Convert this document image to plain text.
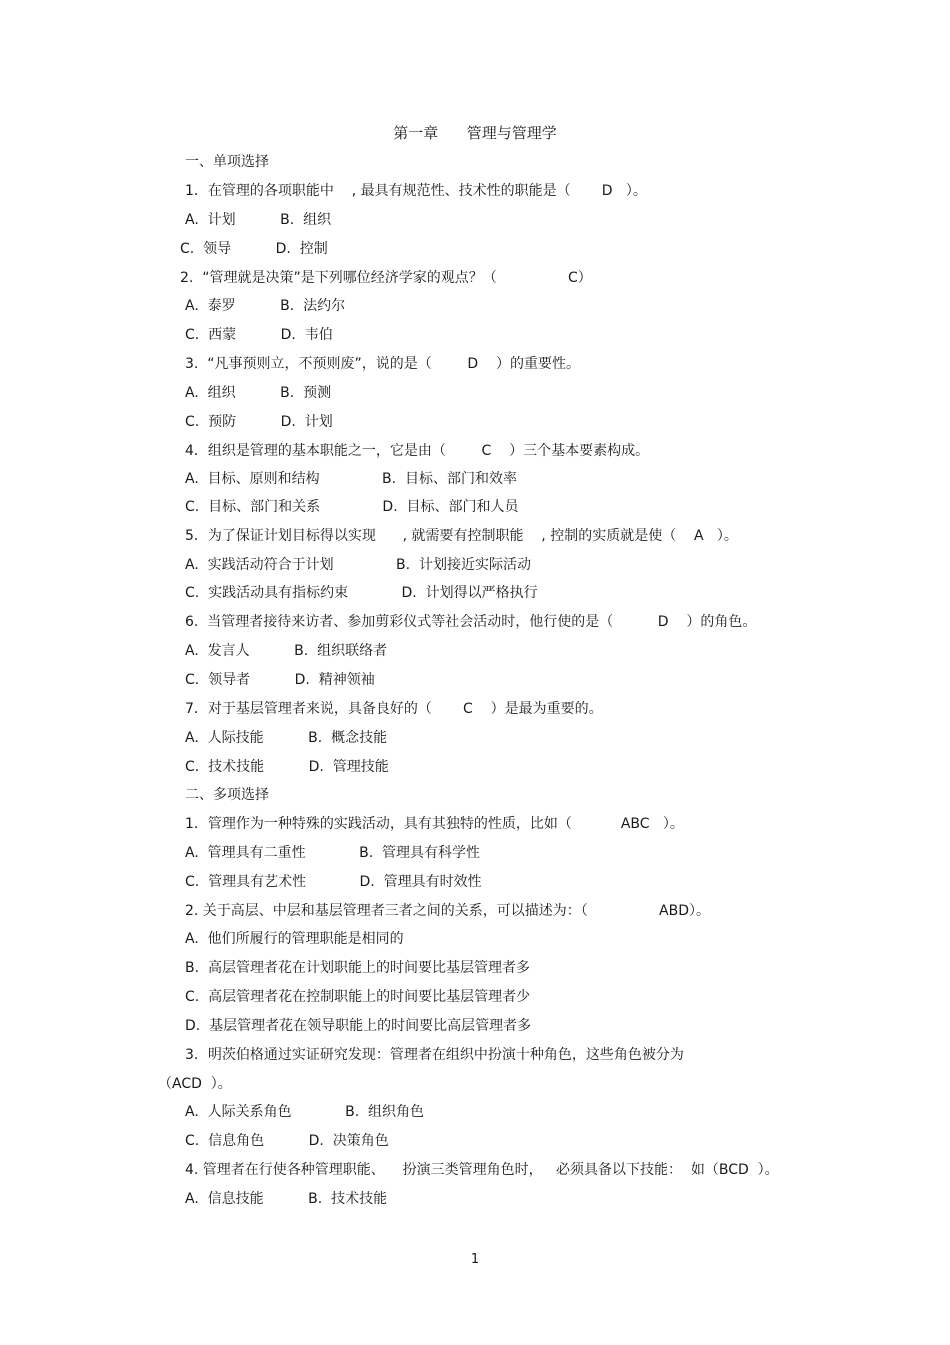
第一章      管理与管理学
一、单项选择
1．在管理的各项职能中    , 最具有规范性、技术性的职能是（       D   ）。
A.  计划          B.  组织
C.  领导          D.  控制
2.  “管理就是决策”是下列哪位经济学家的观点？（                C）
A.  泰罗          B.  法约尔
C.  西蒙          D.  韦伯
3.  “凡事预则立，不预则废”，说的是（        D    ）的重要性。
A.  组织          B.  预测
C.  预防          D.  计划
4．组织是管理的基本职能之一，它是由（        C    ）三个基本要素构成。
A.  目标、原则和结构              B.  目标、部门和效率
C.  目标、部门和关系              D.  目标、部门和人员
5．为了保证计划目标得以实现      , 就需要有控制职能    , 控制的实质就是使（    A   ）。
A.  实践活动符合于计划              B.  计划接近实际活动
C.  实践活动具有指标约束            D.  计划得以严格执行
6.  当管理者接待来访者、参加剪彩仪式等社会活动时，他行使的是（          D    ）的角色。
A.  发言人          B.  组织联络者
C.  领导者          D.  精神领袖
7．对于基层管理者来说，具备良好的（       C    ）是最为重要的。
A.  人际技能          B.  概念技能
C.  技术技能          D.  管理技能
二、多项选择
1．管理作为一种特殊的实践活动，具有其独特的性质，比如（           ABC   ）。
A.  管理具有二重性            B.  管理具有科学性
C.  管理具有艺术性            D.  管理具有时效性
2. 关于高层、中层和基层管理者三者之间的关系，可以描述为：（                ABD）。
A.  他们所履行的管理职能是相同的
B.  高层管理者花在计划职能上的时间要比基层管理者多
C.  高层管理者花在控制职能上的时间要比基层管理者少
D.  基层管理者花在领导职能上的时间要比高层管理者多
3．明茨伯格通过实证研究发现：管理者在组织中扮演十种角色，这些角色被分为
（ACD  ）。
A.  人际关系角色            B.  组织角色
C.  信息角色          D.  决策角色
4. 管理者在行使各种管理职能、    扮演三类管理角色时，   必须具备以下技能：  如（BCD  ）。
A.  信息技能          B.  技术技能
1
